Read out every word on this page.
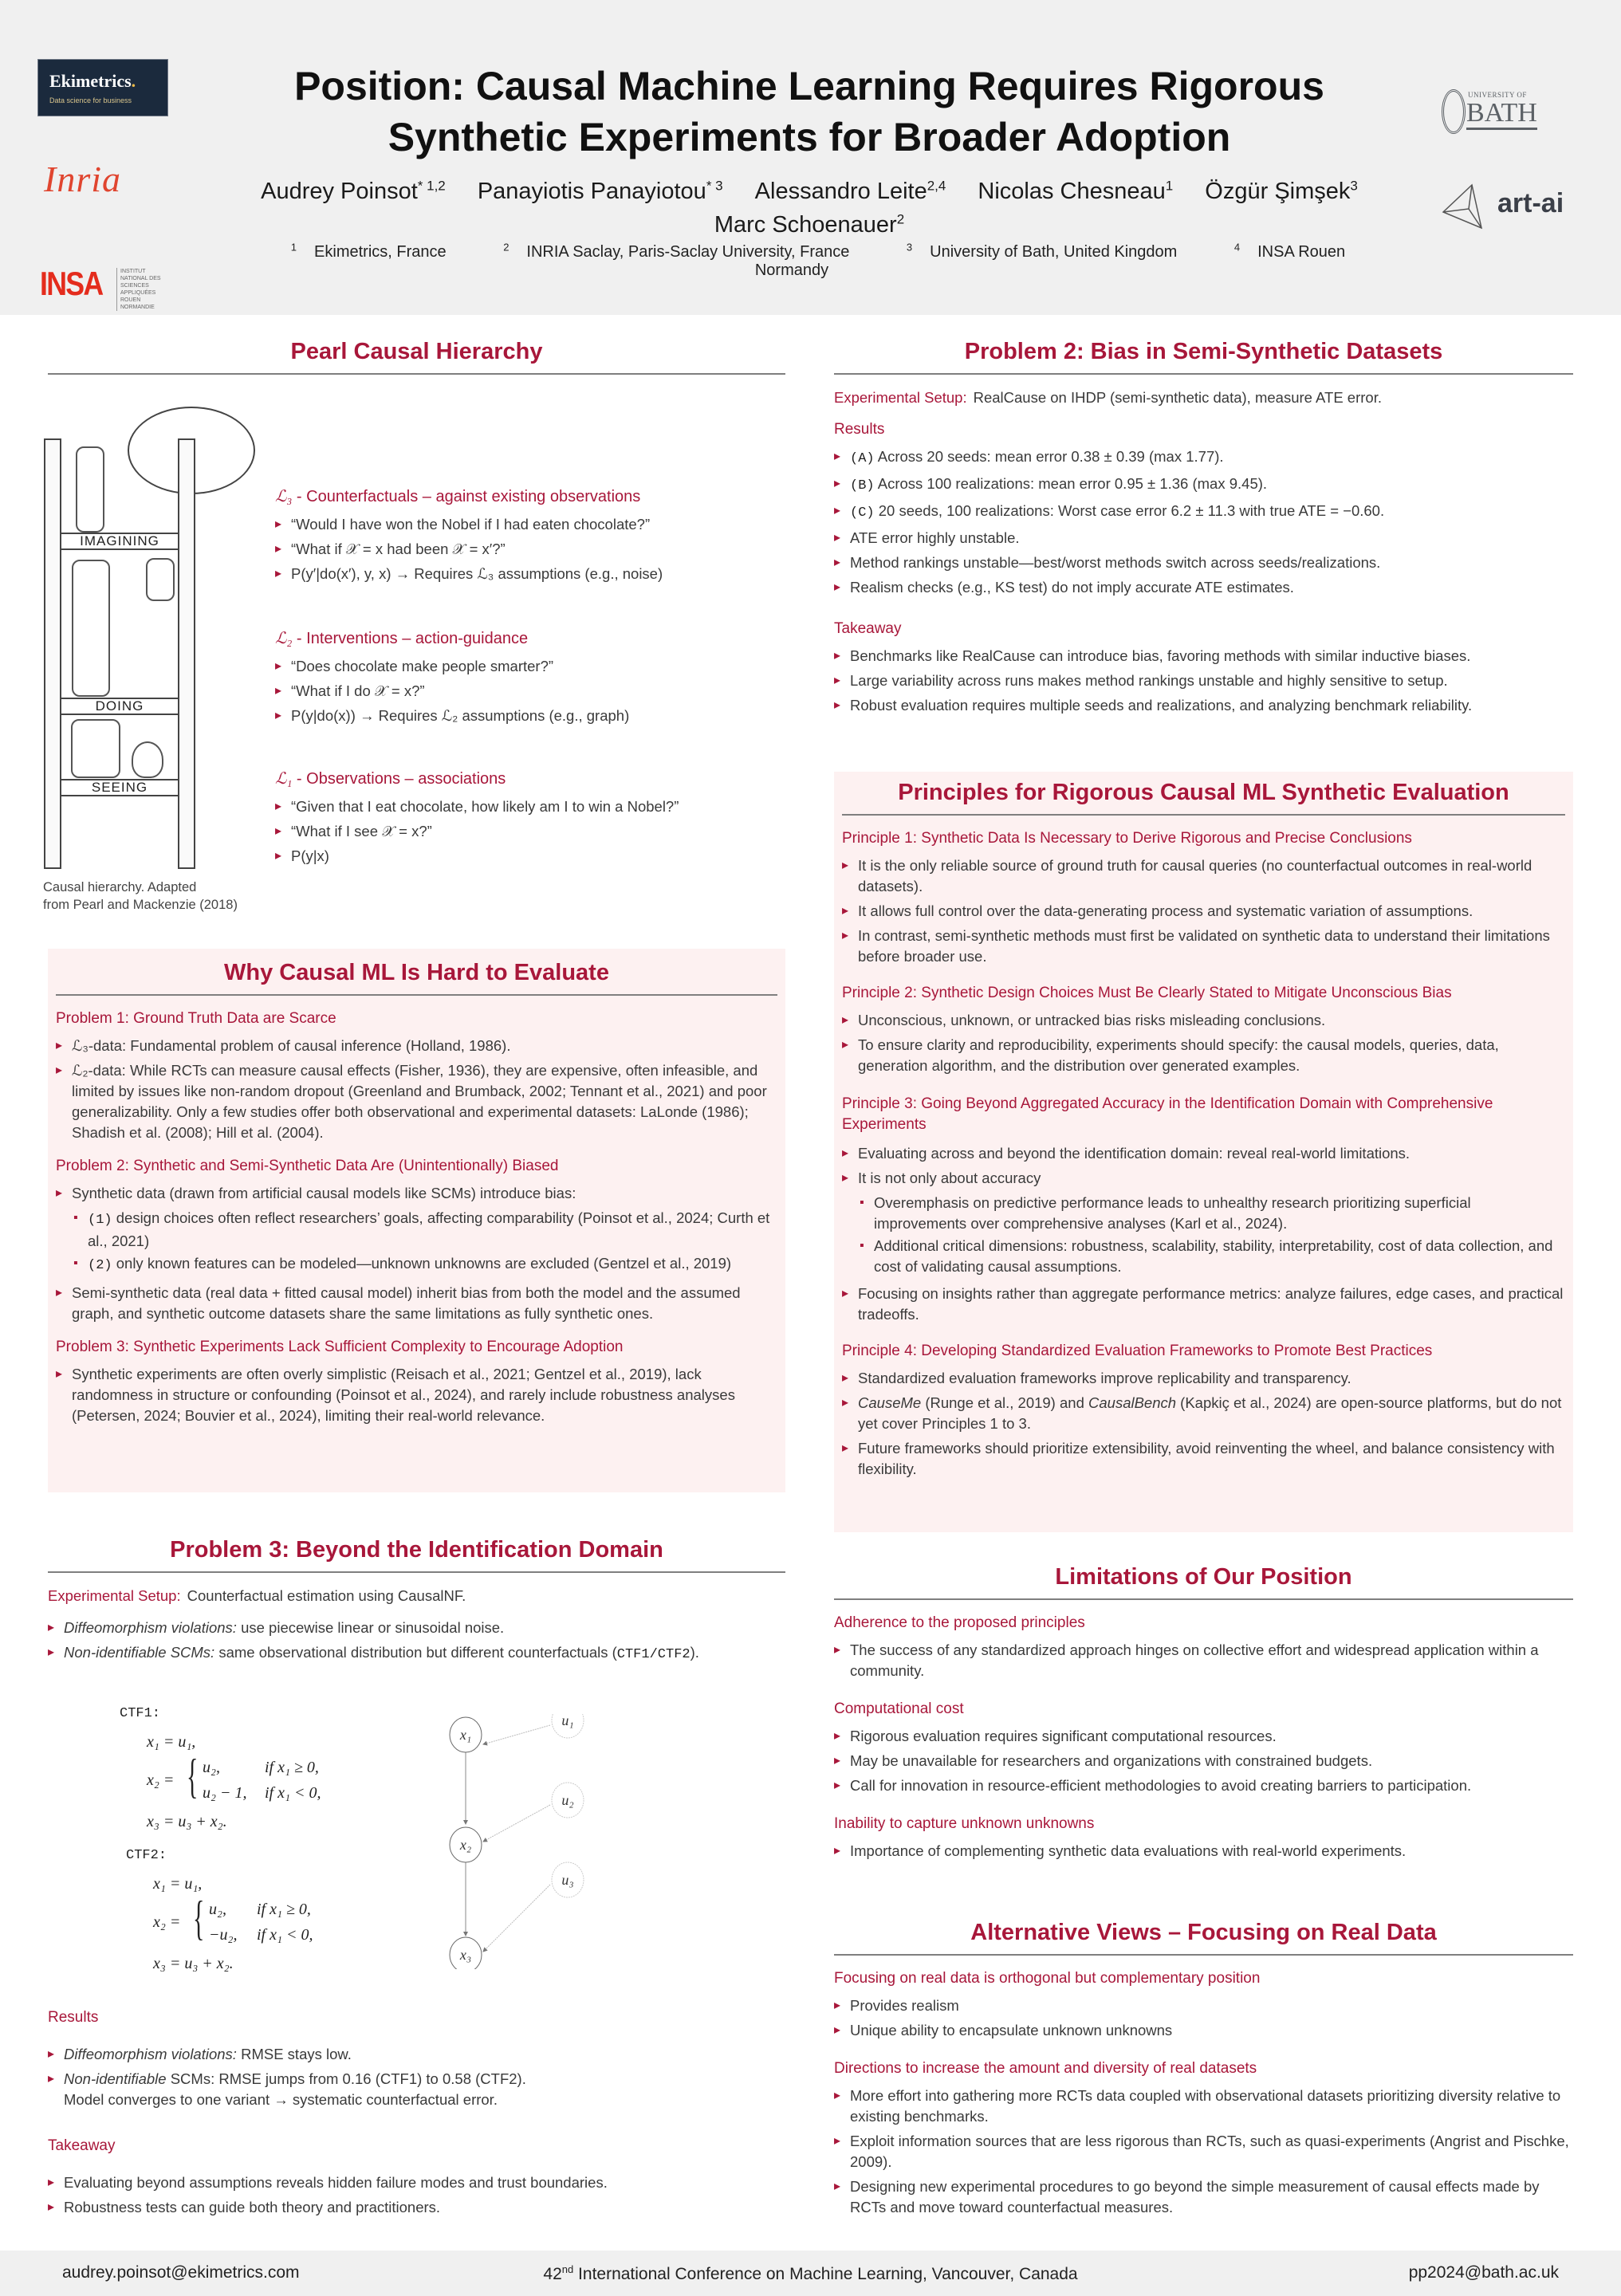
Ekimetrics.
Data science for business
Inria
INSA	INSTITUT NATIONAL DES SCIENCES APPLIQUÉES ROUEN NORMANDIE
Position: Causal Machine Learning Requires Rigorous
Synthetic Experiments for Broader Adoption
Audrey Poinsot$^{* 1,2}$ Panayiotis Panayiotou$^{* 3}$ Alessandro Leite$^{2,4}$ Nicolas Chesneau$^1$ Özgür Şimşek$^3$ Marc Schoenauer$^2$
$^1$ Ekimetrics, France	$^2$ INRIA Saclay, Paris-Saclay University, France	$^3$ University of Bath, United Kingdom	$^4$ INSA Rouen Normandy
UNIVERSITY OF
BATH
art-ai
Pearl Causal Hierarchy
IMAGINING
DOING
SEEING
Causal hierarchy. Adapted
from Pearl and Mackenzie (2018)
ℒ₃ - Counterfactuals – against existing observations
▸ “Would I have won the Nobel if I had eaten chocolate?”
▸ “What if 𝒳 = x had been 𝒳 = x′?”
▸ P(y′|do(x′), y, x) → Requires ℒ₃ assumptions (e.g., noise)
ℒ₂ - Interventions – action-guidance
▸ “Does chocolate make people smarter?”
▸ “What if I do 𝒳 = x?”
▸ P(y|do(x)) → Requires ℒ₂ assumptions (e.g., graph)
ℒ₁ - Observations – associations
▸ “Given that I eat chocolate, how likely am I to win a Nobel?”
▸ “What if I see 𝒳 = x?”
▸ P(y|x)
Why Causal ML Is Hard to Evaluate
Problem 1: Ground Truth Data are Scarce
▸ ℒ₃-data: Fundamental problem of causal inference (Holland, 1986).
▸ ℒ₂-data: While RCTs can measure causal effects (Fisher, 1936), they are expensive, often infeasible, and limited by issues like non-random dropout (Greenland and Brumback, 2002; Tennant et al., 2021) and poor generalizability. Only a few studies offer both observational and experimental datasets: LaLonde (1986); Shadish et al. (2008); Hill et al. (2004).
Problem 2: Synthetic and Semi-Synthetic Data Are (Unintentionally) Biased
▸ Synthetic data (drawn from artificial causal models like SCMs) introduce bias:
▪ (1) design choices often reflect researchers’ goals, affecting comparability (Poinsot et al., 2024; Curth et al., 2021)
▪ (2) only known features can be modeled—unknown unknowns are excluded (Gentzel et al., 2019)
▸ Semi-synthetic data (real data + fitted causal model) inherit bias from both the model and the assumed graph, and synthetic outcome datasets share the same limitations as fully synthetic ones.
Problem 3: Synthetic Experiments Lack Sufficient Complexity to Encourage Adoption
▸ Synthetic experiments are often overly simplistic (Reisach et al., 2021; Gentzel et al., 2019), lack randomness in structure or confounding (Poinsot et al., 2024), and rarely include robustness analyses (Petersen, 2024; Bouvier et al., 2024), limiting their real-world relevance.
Problem 3: Beyond the Identification Domain
Experimental Setup: Counterfactual estimation using CausalNF.
▸ Diffeomorphism violations: use piecewise linear or sinusoidal noise.
▸ Non-identifiable SCMs: same observational distribution but different counterfactuals (CTF1/CTF2).
CTF1:
x₁ = u₁,
x₂ = { u₂,	if x₁ ≥ 0,
u₂ − 1, if x₁ < 0,
x₃ = u₃ + x₂.
CTF2:
x₁ = u₁,
x₂ = { u₂, if x₁ ≥ 0,
−u₂, if x₁ < 0,
x₃ = u₃ + x₂.
x₁
x₂
x₃
u₁
u₂
u₃
Results
▸ Diffeomorphism violations: RMSE stays low.
▸ Non-identifiable SCMs: RMSE jumps from 0.16 (CTF1) to 0.58 (CTF2).
Model converges to one variant → systematic counterfactual error.
Takeaway
▸ Evaluating beyond assumptions reveals hidden failure modes and trust boundaries.
▸ Robustness tests can guide both theory and practitioners.
Problem 2: Bias in Semi-Synthetic Datasets
Experimental Setup: RealCause on IHDP (semi-synthetic data), measure ATE error.
Results
▸ (A) Across 20 seeds: mean error 0.38 ± 0.39 (max 1.77).
▸ (B) Across 100 realizations: mean error 0.95 ± 1.36 (max 9.45).
▸ (C) 20 seeds, 100 realizations: Worst case error 6.2 ± 11.3 with true ATE = −0.60.
▸ ATE error highly unstable.
▸ Method rankings unstable—best/worst methods switch across seeds/realizations.
▸ Realism checks (e.g., KS test) do not imply accurate ATE estimates.
Takeaway
▸ Benchmarks like RealCause can introduce bias, favoring methods with similar inductive biases.
▸ Large variability across runs makes method rankings unstable and highly sensitive to setup.
▸ Robust evaluation requires multiple seeds and realizations, and analyzing benchmark reliability.
Principles for Rigorous Causal ML Synthetic Evaluation
Principle 1: Synthetic Data Is Necessary to Derive Rigorous and Precise Conclusions
▸ It is the only reliable source of ground truth for causal queries (no counterfactual outcomes in real-world datasets).
▸ It allows full control over the data-generating process and systematic variation of assumptions.
▸ In contrast, semi-synthetic methods must first be validated on synthetic data to understand their limitations before broader use.
Principle 2: Synthetic Design Choices Must Be Clearly Stated to Mitigate Unconscious Bias
▸ Unconscious, unknown, or untracked bias risks misleading conclusions.
▸ To ensure clarity and reproducibility, experiments should specify: the causal models, queries, data, generation algorithm, and the distribution over generated examples.
Principle 3: Going Beyond Aggregated Accuracy in the Identification Domain with Comprehensive Experiments
▸ Evaluating across and beyond the identification domain: reveal real-world limitations.
▸ It is not only about accuracy
▪ Overemphasis on predictive performance leads to unhealthy research prioritizing superficial improvements over comprehensive analyses (Karl et al., 2024).
▪ Additional critical dimensions: robustness, scalability, stability, interpretability, cost of data collection, and cost of validating causal assumptions.
▸ Focusing on insights rather than aggregate performance metrics: analyze failures, edge cases, and practical tradeoffs.
Principle 4: Developing Standardized Evaluation Frameworks to Promote Best Practices
▸ Standardized evaluation frameworks improve replicability and transparency.
▸ CauseMe (Runge et al., 2019) and CausalBench (Kapkiç et al., 2024) are open-source platforms, but do not yet cover Principles 1 to 3.
▸ Future frameworks should prioritize extensibility, avoid reinventing the wheel, and balance consistency with flexibility.
Limitations of Our Position
Adherence to the proposed principles
▸ The success of any standardized approach hinges on collective effort and widespread application within a community.
Computational cost
▸ Rigorous evaluation requires significant computational resources.
▸ May be unavailable for researchers and organizations with constrained budgets.
▸ Call for innovation in resource-efficient methodologies to avoid creating barriers to participation.
Inability to capture unknown unknowns
▸ Importance of complementing synthetic data evaluations with real-world experiments.
Alternative Views – Focusing on Real Data
Focusing on real data is orthogonal but complementary position
▸ Provides realism
▸ Unique ability to encapsulate unknown unknowns
Directions to increase the amount and diversity of real datasets
▸ More effort into gathering more RCTs data coupled with observational datasets prioritizing diversity relative to existing benchmarks.
▸ Exploit information sources that are less rigorous than RCTs, such as quasi-experiments (Angrist and Pischke, 2009).
▸ Designing new experimental procedures to go beyond the simple measurement of causal effects made by RCTs and move toward counterfactual measures.
audrey.poinsot@ekimetrics.com	42nd International Conference on Machine Learning, Vancouver, Canada	pp2024@bath.ac.uk
